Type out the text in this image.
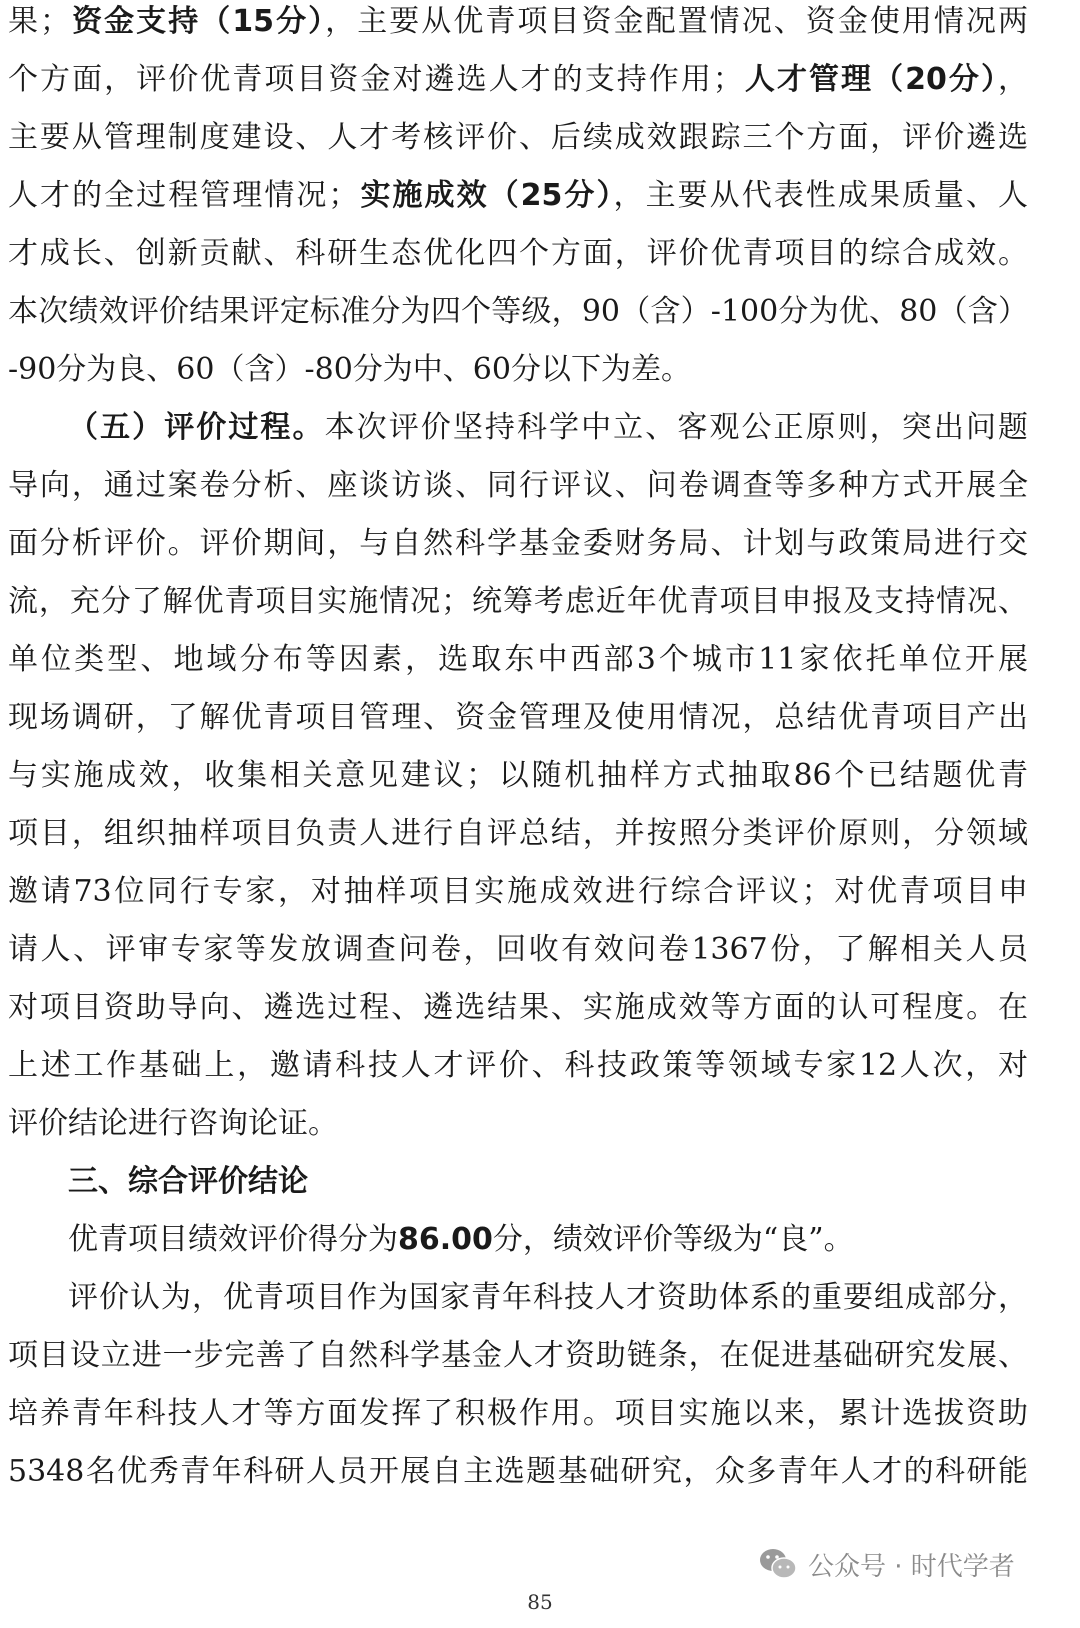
果；资金支持（15分），主要从优青项目资金配置情况、资金使用情况两
个方面，评价优青项目资金对遴选人才的支持作用；人才管理（20分），
主要从管理制度建设、人才考核评价、后续成效跟踪三个方面，评价遴选
人才的全过程管理情况；实施成效（25分），主要从代表性成果质量、人
才成长、创新贡献、科研生态优化四个方面，评价优青项目的综合成效。
本次绩效评价结果评定标准分为四个等级，90（含）-100分为优、80（含）
-90分为良、60（含）-80分为中、60分以下为差。
（五）评价过程。本次评价坚持科学中立、客观公正原则，突出问题
导向，通过案卷分析、座谈访谈、同行评议、问卷调查等多种方式开展全
面分析评价。评价期间，与自然科学基金委财务局、计划与政策局进行交
流，充分了解优青项目实施情况；统筹考虑近年优青项目申报及支持情况、
单位类型、地域分布等因素，选取东中西部3个城市11家依托单位开展
现场调研，了解优青项目管理、资金管理及使用情况，总结优青项目产出
与实施成效，收集相关意见建议；以随机抽样方式抽取86个已结题优青
项目，组织抽样项目负责人进行自评总结，并按照分类评价原则，分领域
邀请73位同行专家，对抽样项目实施成效进行综合评议；对优青项目申
请人、评审专家等发放调查问卷，回收有效问卷1367份，了解相关人员
对项目资助导向、遴选过程、遴选结果、实施成效等方面的认可程度。在
上述工作基础上，邀请科技人才评价、科技政策等领域专家12人次，对
评价结论进行咨询论证。
三、综合评价结论
优青项目绩效评价得分为86.00分，绩效评价等级为“良”。
评价认为，优青项目作为国家青年科技人才资助体系的重要组成部分，
项目设立进一步完善了自然科学基金人才资助链条，在促进基础研究发展、
培养青年科技人才等方面发挥了积极作用。项目实施以来，累计选拔资助
5348名优秀青年科研人员开展自主选题基础研究，众多青年人才的科研能
公众号 · 时代学者
85
